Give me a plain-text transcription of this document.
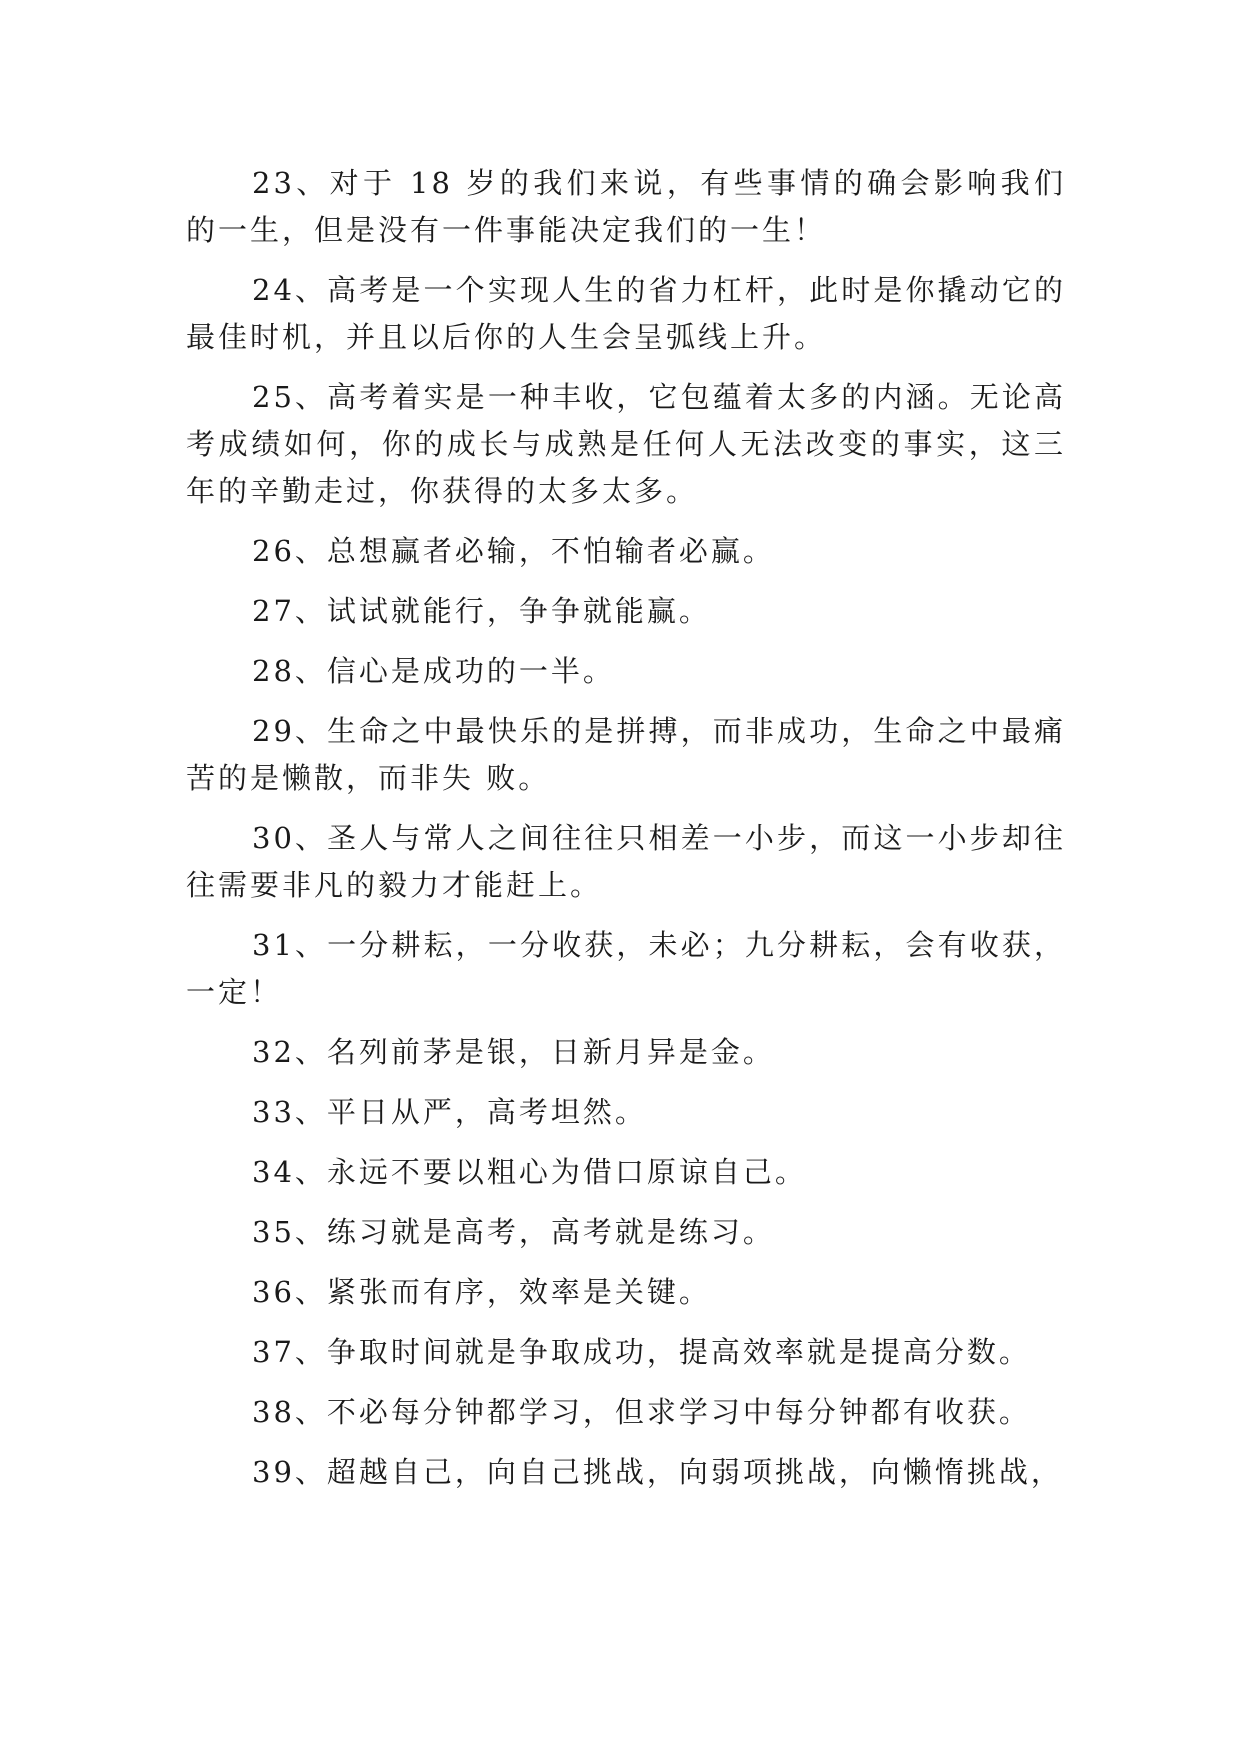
23、对于 18 岁的我们来说，有些事情的确会影响我们的一生，但是没有一件事能决定我们的一生！

24、高考是一个实现人生的省力杠杆，此时是你撬动它的最佳时机，并且以后你的人生会呈弧线上升。

25、高考着实是一种丰收，它包蕴着太多的内涵。无论高考成绩如何，你的成长与成熟是任何人无法改变的事实，这三年的辛勤走过，你获得的太多太多。

26、总想赢者必输，不怕输者必赢。

27、试试就能行，争争就能赢。

28、信心是成功的一半。

29、生命之中最快乐的是拼搏，而非成功，生命之中最痛苦的是懒散，而非失 败。

30、圣人与常人之间往往只相差一小步，而这一小步却往往需要非凡的毅力才能赶上。

31、一分耕耘，一分收获，未必；九分耕耘，会有收获，一定！

32、名列前茅是银，日新月异是金。

33、平日从严，高考坦然。

34、永远不要以粗心为借口原谅自己。

35、练习就是高考，高考就是练习。

36、紧张而有序，效率是关键。

37、争取时间就是争取成功，提高效率就是提高分数。

38、不必每分钟都学习，但求学习中每分钟都有收获。

39、超越自己，向自己挑战，向弱项挑战，向懒惰挑战，
